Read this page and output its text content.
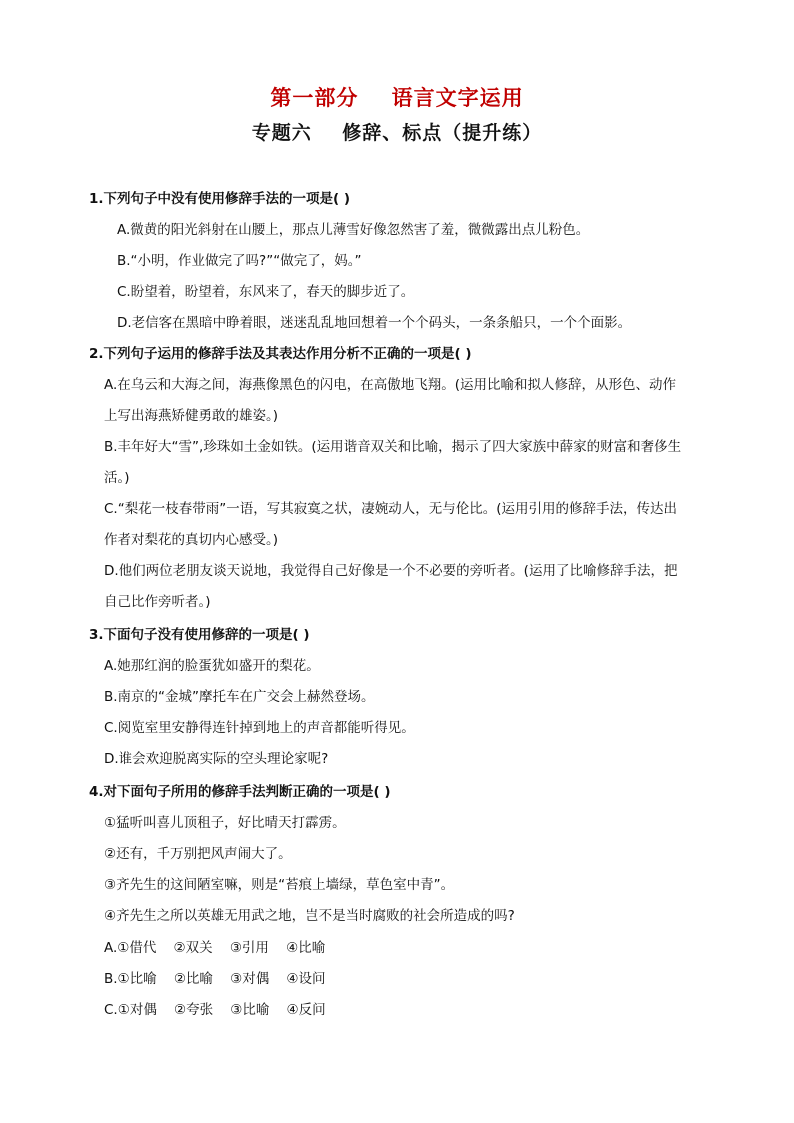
第一部分    语言文字运用
专题六    修辞、标点（提升练）
1.下列句子中没有使用修辞手法的一项是( )
A.微黄的阳光斜射在山腰上，那点儿薄雪好像忽然害了羞，微微露出点儿粉色。
B.“小明，作业做完了吗?”“做完了，妈。”
C.盼望着，盼望着，东风来了，春天的脚步近了。
D.老信客在黑暗中睁着眼，迷迷乱乱地回想着一个个码头，一条条船只，一个个面影。
2.下列句子运用的修辞手法及其表达作用分析不正确的一项是( )
A.在乌云和大海之间，海燕像黑色的闪电，在高傲地飞翔。(运用比喻和拟人修辞，从形色、动作
上写出海燕矫健勇敢的雄姿。)
B.丰年好大“雪”,珍珠如土金如铁。(运用谐音双关和比喻，揭示了四大家族中薛家的财富和奢侈生
活。)
C.“梨花一枝春带雨”一语，写其寂寞之状，凄婉动人，无与伦比。(运用引用的修辞手法，传达出
作者对梨花的真切内心感受。)
D.他们两位老朋友谈天说地，我觉得自己好像是一个不必要的旁听者。(运用了比喻修辞手法，把
自己比作旁听者。)
3.下面句子没有使用修辞的一项是( )
A.她那红润的脸蛋犹如盛开的梨花。
B.南京的“金城”摩托车在广交会上赫然登场。
C.阅览室里安静得连针掉到地上的声音都能听得见。
D.谁会欢迎脱离实际的空头理论家呢?
4.对下面句子所用的修辞手法判断正确的一项是( )
①猛听叫喜儿顶租子，好比晴天打霹雳。
②还有，千万别把风声闹大了。
③齐先生的这间陋室嘛，则是“苔痕上墙绿，草色室中青”。
④齐先生之所以英雄无用武之地，岂不是当时腐败的社会所造成的吗?
A.①借代    ②双关    ③引用    ④比喻
B.①比喻    ②比喻    ③对偶    ④设问
C.①对偶    ②夸张    ③比喻    ④反问
